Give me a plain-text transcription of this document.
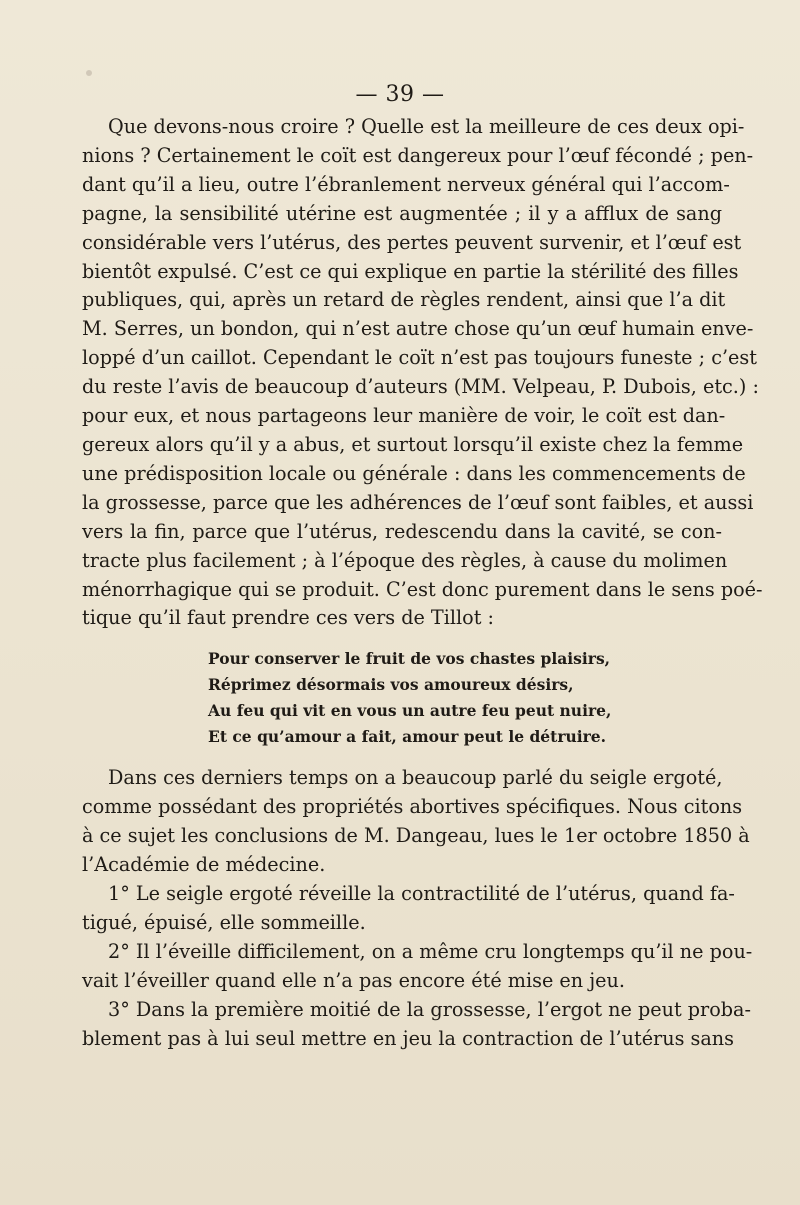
— 39 —

Que devons-nous croire ? Quelle est la meilleure de ces deux opi-
nions ? Certainement le coït est dangereux pour l’œuf fécondé ; pen-
dant qu’il a lieu, outre l’ébranlement nerveux général qui l’accom-
pagne, la sensibilité utérine est augmentée ; il y a afflux de sang
considérable vers l’utérus, des pertes peuvent survenir, et l’œuf est
bientôt expulsé. C’est ce qui explique en partie la stérilité des filles
publiques, qui, après un retard de règles rendent, ainsi que l’a dit
M. Serres, un bondon, qui n’est autre chose qu’un œuf humain enve-
loppé d’un caillot. Cependant le coït n’est pas toujours funeste ; c’est
du reste l’avis de beaucoup d’auteurs (MM. Velpeau, P. Dubois, etc.) :
pour eux, et nous partageons leur manière de voir, le coït est dan-
gereux alors qu’il y a abus, et surtout lorsqu’il existe chez la femme
une prédisposition locale ou générale : dans les commencements de
la grossesse, parce que les adhérences de l’œuf sont faibles, et aussi
vers la fin, parce que l’utérus, redescendu dans la cavité, se con-
tracte plus facilement ; à l’époque des règles, à cause du molimen
ménorrhagique qui se produit. C’est donc purement dans le sens poé-
tique qu’il faut prendre ces vers de Tillot :

Pour conserver le fruit de vos chastes plaisirs,
Réprimez désormais vos amoureux désirs,
Au feu qui vit en vous un autre feu peut nuire,
Et ce qu’amour a fait, amour peut le détruire.

Dans ces derniers temps on a beaucoup parlé du seigle ergoté,
comme possédant des propriétés abortives spécifiques. Nous citons
à ce sujet les conclusions de M. Dangeau, lues le 1er octobre 1850 à
l’Académie de médecine.

1° Le seigle ergoté réveille la contractilité de l’utérus, quand fa-
tigué, épuisé, elle sommeille.

2° Il l’éveille difficilement, on a même cru longtemps qu’il ne pou-
vait l’éveiller quand elle n’a pas encore été mise en jeu.

3° Dans la première moitié de la grossesse, l’ergot ne peut proba-
blement pas à lui seul mettre en jeu la contraction de l’utérus sans
